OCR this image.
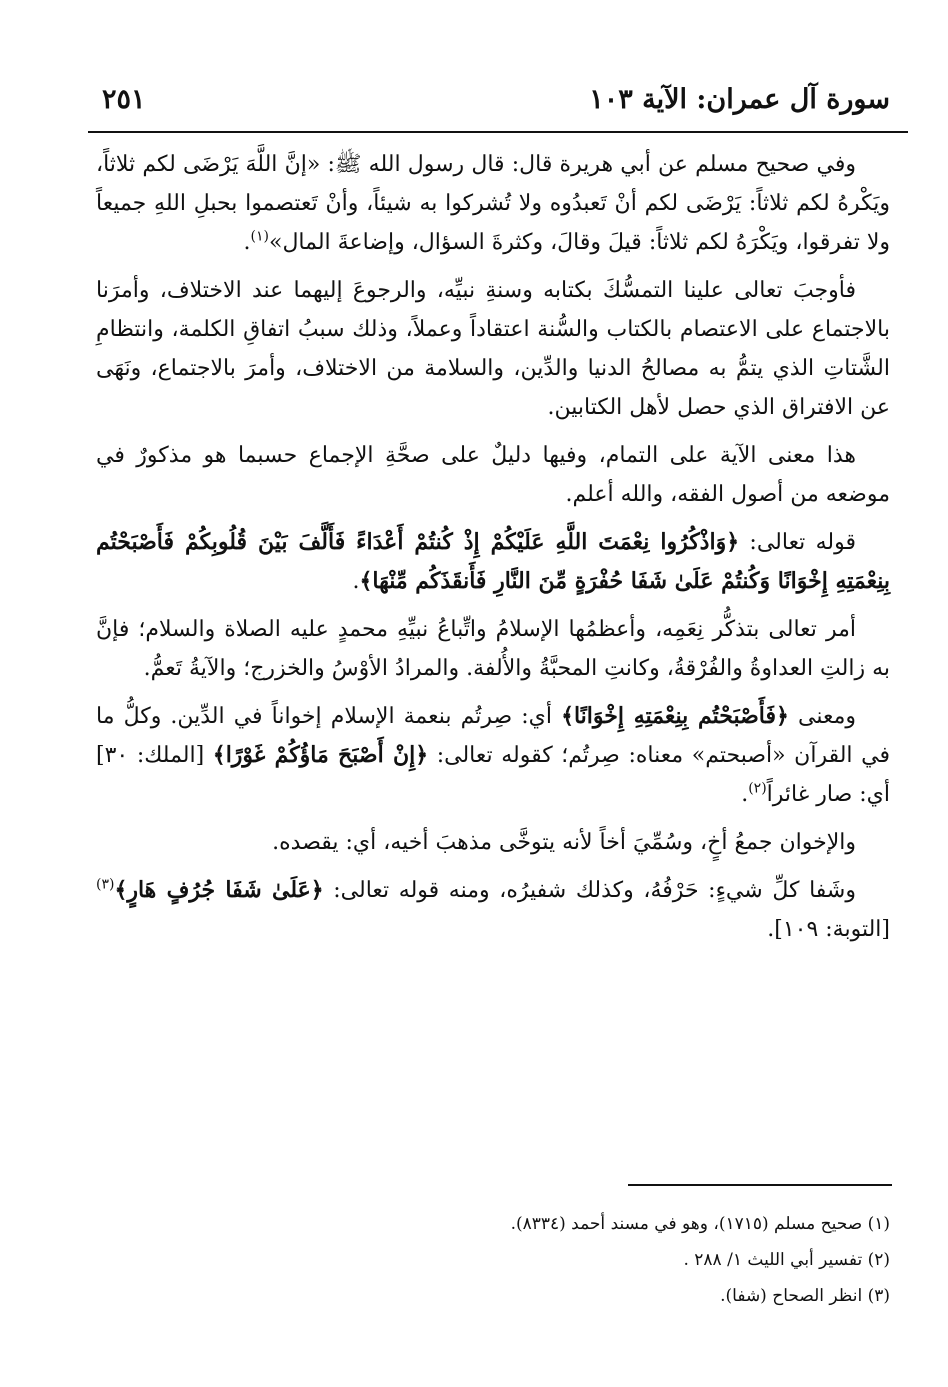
سورة آل عمران: الآية ١٠٣
٢٥١

وفي صحيح مسلم عن أبي هريرة قال: قال رسول الله ﷺ: «إنَّ اللَّهَ يَرْضَى لكم ثلاثاً، ويَكْرهُ لكم ثلاثاً: يَرْضَى لكم أنْ تَعبدُوه ولا تُشركوا به شيئاً، وأنْ تَعتصموا بحبلِ اللهِ جميعاً ولا تفرقوا، ويَكْرَهُ لكم ثلاثاً: قيلَ وقالَ، وكثرةَ السؤال، وإضاعةَ المال»$^{(١)}$.

فأوجبَ تعالى علينا التمسُّكَ بكتابه وسنةِ نبيِّه، والرجوعَ إليهما عند الاختلاف، وأمرَنا بالاجتماع على الاعتصام بالكتاب والسُّنة اعتقاداً وعملاً، وذلك سببُ اتفاقِ الكلمة، وانتظامِ الشَّتاتِ الذي يتمُّ به مصالحُ الدنيا والدِّين، والسلامة من الاختلاف، وأمرَ بالاجتماع، ونَهَى عن الافتراق الذي حصل لأهل الكتابين.

هذا معنى الآية على التمام، وفيها دليلٌ على صحَّةِ الإجماع حسبما هو مذكورٌ في موضعه من أصول الفقه، والله أعلم.

قوله تعالى: ﴿وَاذْكُرُوا نِعْمَتَ اللَّهِ عَلَيْكُمْ إِذْ كُنتُمْ أَعْدَاءً فَأَلَّفَ بَيْنَ قُلُوبِكُمْ فَأَصْبَحْتُم بِنِعْمَتِهِ إِخْوَانًا وَكُنتُمْ عَلَىٰ شَفَا حُفْرَةٍ مِّنَ النَّارِ فَأَنقَذَكُم مِّنْهَا﴾.

أمر تعالى بتذكُّر نِعَمِه، وأعظمُها الإسلامُ واتِّباعُ نبيِّهِ محمدٍ عليه الصلاة والسلام؛ فإنَّ به زالتِ العداوةُ والفُرْقةُ، وكانتِ المحبَّةُ والأُلفة. والمرادُ الأوْسُ والخزرج؛ والآيةُ تَعمُّ.

ومعنى ﴿فَأَصْبَحْتُم بِنِعْمَتِهِ إِخْوَانًا﴾ أي: صِرتُم بنعمة الإسلام إخواناً في الدِّين. وكلُّ ما في القرآن «أصبحتم» معناه: صِرتُم؛ كقوله تعالى: ﴿إِنْ أَصْبَحَ مَاؤُكُمْ غَوْرًا﴾ [الملك: ٣٠] أي: صار غائراً$^{(٢)}$.

والإخوان جمعُ أخٍ، وسُمِّيَ أخاً لأنه يتوخَّى مذهبَ أخيه، أي: يقصده.

وشَفا كلِّ شيءٍ: حَرْفُهُ، وكذلك شفيرُه، ومنه قوله تعالى: ﴿عَلَىٰ شَفَا جُرُفٍ هَارٍ﴾$^{(٣)}$ [التوبة: ١٠٩].

(١) صحيح مسلم (١٧١٥)، وهو في مسند أحمد (٨٣٣٤).
(٢) تفسير أبي الليث ١/ ٢٨٨ .
(٣) انظر الصحاح (شفا).
